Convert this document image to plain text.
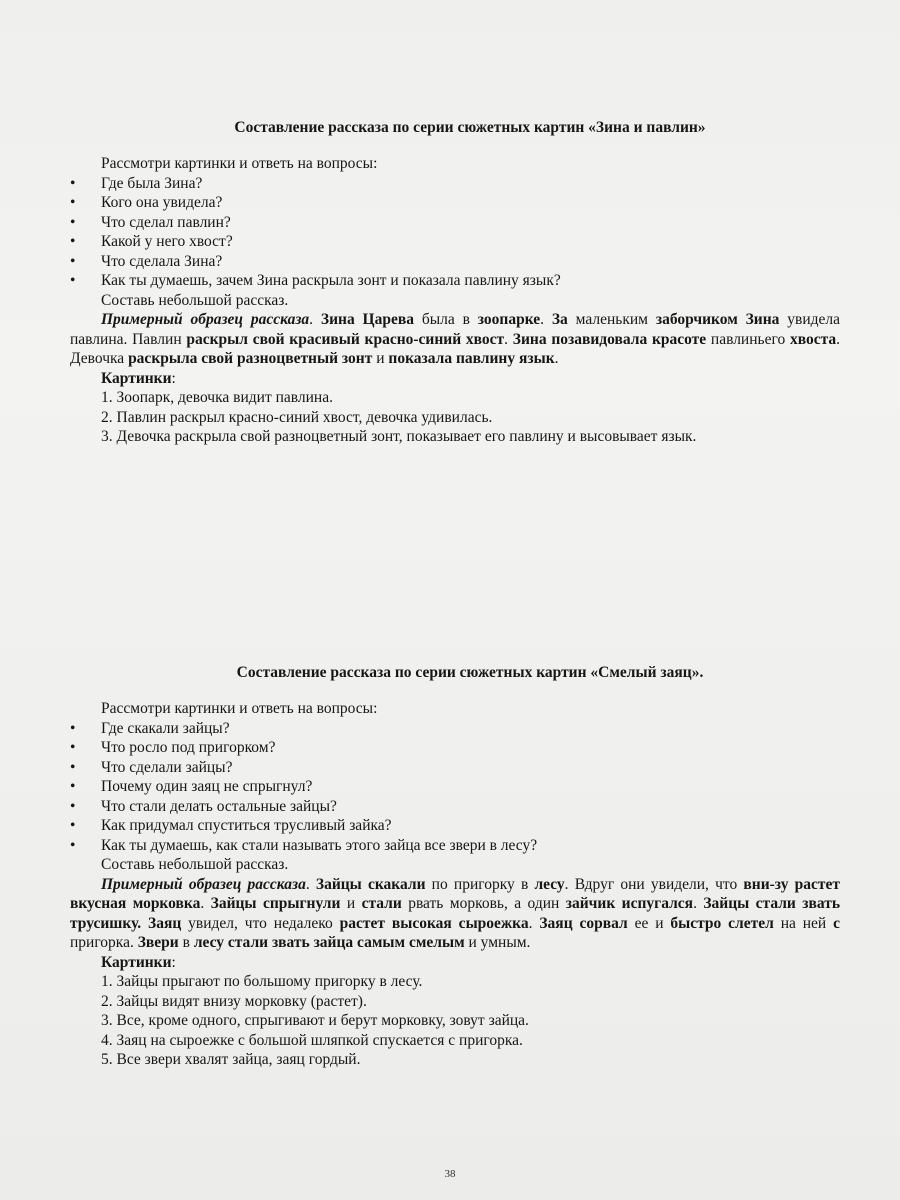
Составление рассказа по серии сюжетных картин «Зина и павлин»

Рассмотри картинки и ответь на вопросы:

• Где была Зина?
• Кого она увидела?
• Что сделал павлин?
• Какой у него хвост?
• Что сделала Зина?
• Как ты думаешь, зачем Зина раскрыла зонт и показала павлину язык?

Составь небольшой рассказ.

Примерный образец рассказа. Зина Царева была в зоопарке. За маленьким заборчиком Зина увидела павлина. Павлин раскрыл свой красивый красно-синий хвост. Зина позавидовала красоте павлиньего хвоста. Девочка раскрыла свой разноцветный зонт и показала павлину язык.

Картинки:

1. Зоопарк, девочка видит павлина.

2. Павлин раскрыл красно-синий хвост, девочка удивилась.

3. Девочка раскрыла свой разноцветный зонт, показывает его павлину и высовывает язык.

Составление рассказа по серии сюжетных картин «Смелый заяц».

Рассмотри картинки и ответь на вопросы:

• Где скакали зайцы?
• Что росло под пригорком?
• Что сделали зайцы?
• Почему один заяц не спрыгнул?
• Что стали делать остальные зайцы?
• Как придумал спуститься трусливый зайка?
• Как ты думаешь, как стали называть этого зайца все звери в лесу?

Составь небольшой рассказ.

Примерный образец рассказа. Зайцы скакали по пригорку в лесу. Вдруг они увидели, что вни-зу растет вкусная морковка. Зайцы спрыгнули и стали рвать морковь, а один зайчик испугался. Зайцы стали звать трусишку. Заяц увидел, что недалеко растет высокая сыроежка. Заяц сорвал ее и быстро слетел на ней с пригорка. Звери в лесу стали звать зайца самым смелым и умным.

Картинки:

1. Зайцы прыгают по большому пригорку в лесу.

2. Зайцы видят внизу морковку (растет).

3. Все, кроме одного, спрыгивают и берут морковку, зовут зайца.

4. Заяц на сыроежке с большой шляпкой спускается с пригорка.

5. Все звери хвалят зайца, заяц гордый.

38
